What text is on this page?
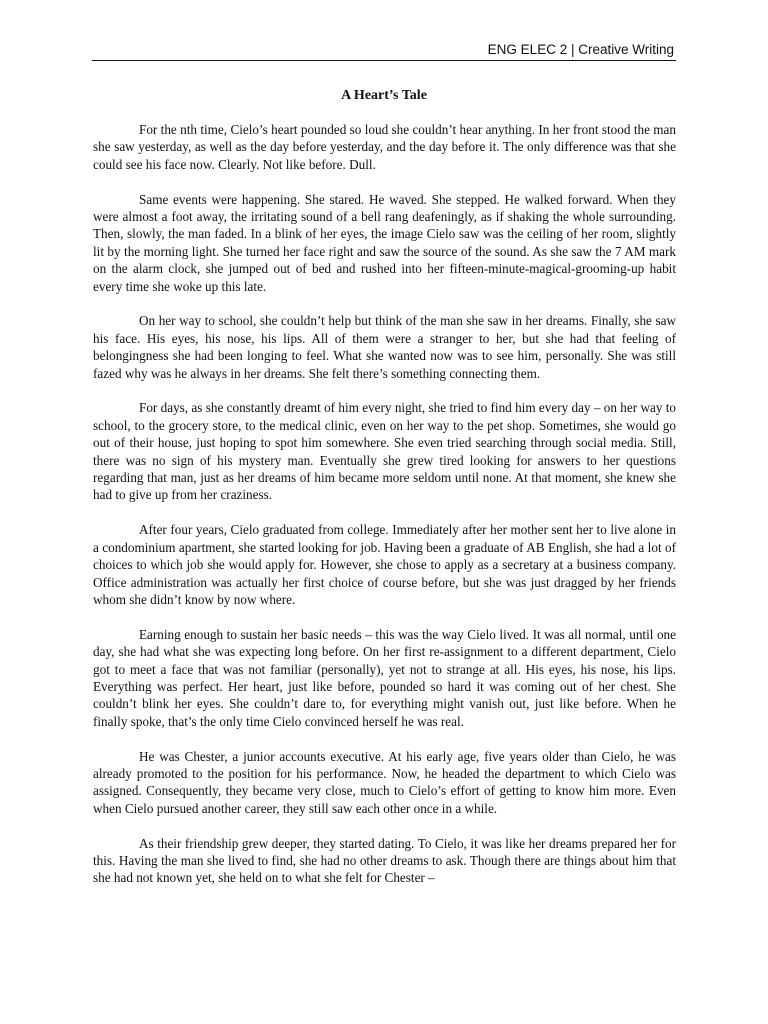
ENG ELEC 2 | Creative Writing
A Heart’s Tale

For the nth time, Cielo’s heart pounded so loud she couldn’t hear anything. In her front stood the man she saw yesterday, as well as the day before yesterday, and the day before it. The only difference was that she could see his face now. Clearly. Not like before. Dull.

Same events were happening. She stared. He waved. She stepped. He walked forward. When they were almost a foot away, the irritating sound of a bell rang deafeningly, as if shaking the whole surrounding. Then, slowly, the man faded. In a blink of her eyes, the image Cielo saw was the ceiling of her room, slightly lit by the morning light. She turned her face right and saw the source of the sound. As she saw the 7 AM mark on the alarm clock, she jumped out of bed and rushed into her fifteen-minute-magical-grooming-up habit every time she woke up this late.

On her way to school, she couldn’t help but think of the man she saw in her dreams. Finally, she saw his face. His eyes, his nose, his lips. All of them were a stranger to her, but she had that feeling of belongingness she had been longing to feel. What she wanted now was to see him, personally. She was still fazed why was he always in her dreams. She felt there’s something connecting them.

For days, as she constantly dreamt of him every night, she tried to find him every day – on her way to school, to the grocery store, to the medical clinic, even on her way to the pet shop. Sometimes, she would go out of their house, just hoping to spot him somewhere. She even tried searching through social media. Still, there was no sign of his mystery man. Eventually she grew tired looking for answers to her questions regarding that man, just as her dreams of him became more seldom until none. At that moment, she knew she had to give up from her craziness.

After four years, Cielo graduated from college. Immediately after her mother sent her to live alone in a condominium apartment, she started looking for job. Having been a graduate of AB English, she had a lot of choices to which job she would apply for. However, she chose to apply as a secretary at a business company. Office administration was actually her first choice of course before, but she was just dragged by her friends whom she didn’t know by now where.

Earning enough to sustain her basic needs – this was the way Cielo lived. It was all normal, until one day, she had what she was expecting long before. On her first re-assignment to a different department, Cielo got to meet a face that was not familiar (personally), yet not to strange at all. His eyes, his nose, his lips. Everything was perfect. Her heart, just like before, pounded so hard it was coming out of her chest. She couldn’t blink her eyes. She couldn’t dare to, for everything might vanish out, just like before. When he finally spoke, that’s the only time Cielo convinced herself he was real.

He was Chester, a junior accounts executive. At his early age, five years older than Cielo, he was already promoted to the position for his performance. Now, he headed the department to which Cielo was assigned. Consequently, they became very close, much to Cielo’s effort of getting to know him more. Even when Cielo pursued another career, they still saw each other once in a while.

As their friendship grew deeper, they started dating. To Cielo, it was like her dreams prepared her for this. Having the man she lived to find, she had no other dreams to ask. Though there are things about him that she had not known yet, she held on to what she felt for Chester –
